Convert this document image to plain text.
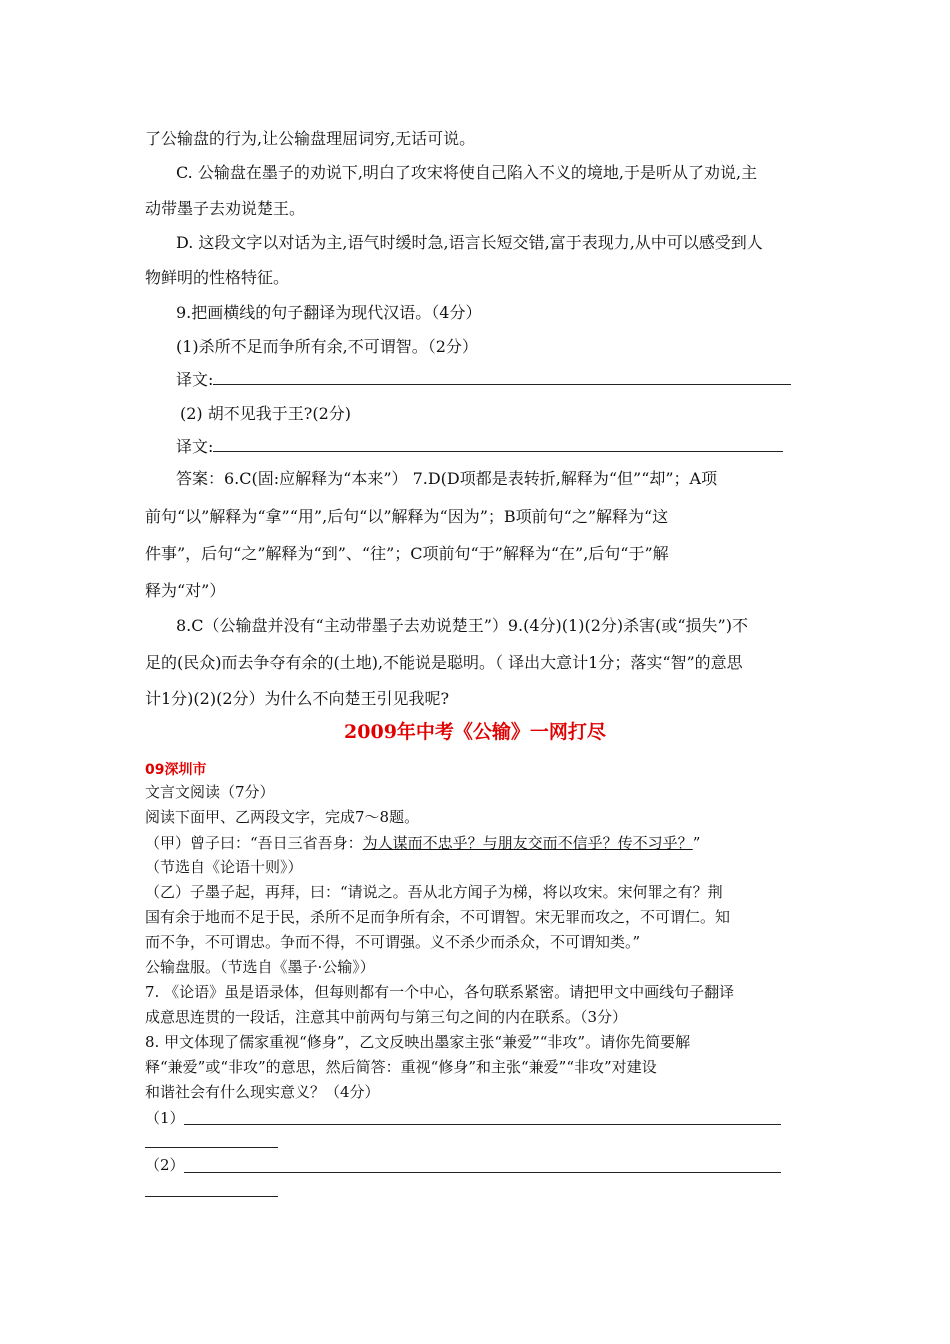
了公输盘的行为,让公输盘理屈词穷,无话可说。
C. 公输盘在墨子的劝说下,明白了攻宋将使自己陷入不义的境地,于是听从了劝说,主
动带墨子去劝说楚王。
D. 这段文字以对话为主,语气时缓时急,语言长短交错,富于表现力,从中可以感受到人
物鲜明的性格特征。
9.把画横线的句子翻译为现代汉语。（4分）
(1)杀所不足而争所有余,不可谓智。（2分）
译文:
(2) 胡不见我于王?(2分)
译文:
答案：6.C(固:应解释为“本来”） 7.D(D项都是表转折,解释为“但”“却”；A项
前句“以”解释为“拿”“用”,后句“以”解释为“因为”；B项前句“之”解释为“这
件事”，后句“之”解释为“到”、“往”；C项前句“于”解释为“在”,后句“于”解
释为“对”）
8.C（公输盘并没有“主动带墨子去劝说楚王”）9.(4分)(1)(2分)杀害(或“损失”)不
足的(民众)而去争夺有余的(土地),不能说是聪明。（ 译出大意计1分；落实“智”的意思
计1分)(2)(2分）为什么不向楚王引见我呢?
2009年中考《公输》一网打尽
09深圳市
文言文阅读（7分）
阅读下面甲、乙两段文字，完成7～8题。
（甲）曾子曰：“吾日三省吾身：为人谋而不忠乎？与朋友交而不信乎？传不习乎？”
（节选自《论语十则》）
（乙）子墨子起，再拜，曰：“请说之。吾从北方闻子为梯，将以攻宋。宋何罪之有？荆
国有余于地而不足于民，杀所不足而争所有余，不可谓智。宋无罪而攻之，不可谓仁。知
而不争，不可谓忠。争而不得，不可谓强。义不杀少而杀众，不可谓知类。”
公输盘服。（节选自《墨子·公输》）
7. 《论语》虽是语录体，但每则都有一个中心，各句联系紧密。请把甲文中画线句子翻译
成意思连贯的一段话，注意其中前两句与第三句之间的内在联系。（3分）
8. 甲文体现了儒家重视“修身”，乙文反映出墨家主张“兼爱”“非攻”。请你先简要解
释“兼爱”或“非攻”的意思，然后简答：重视“修身”和主张“兼爱”“非攻”对建设
和谐社会有什么现实意义？（4分）
（1）
（2）
